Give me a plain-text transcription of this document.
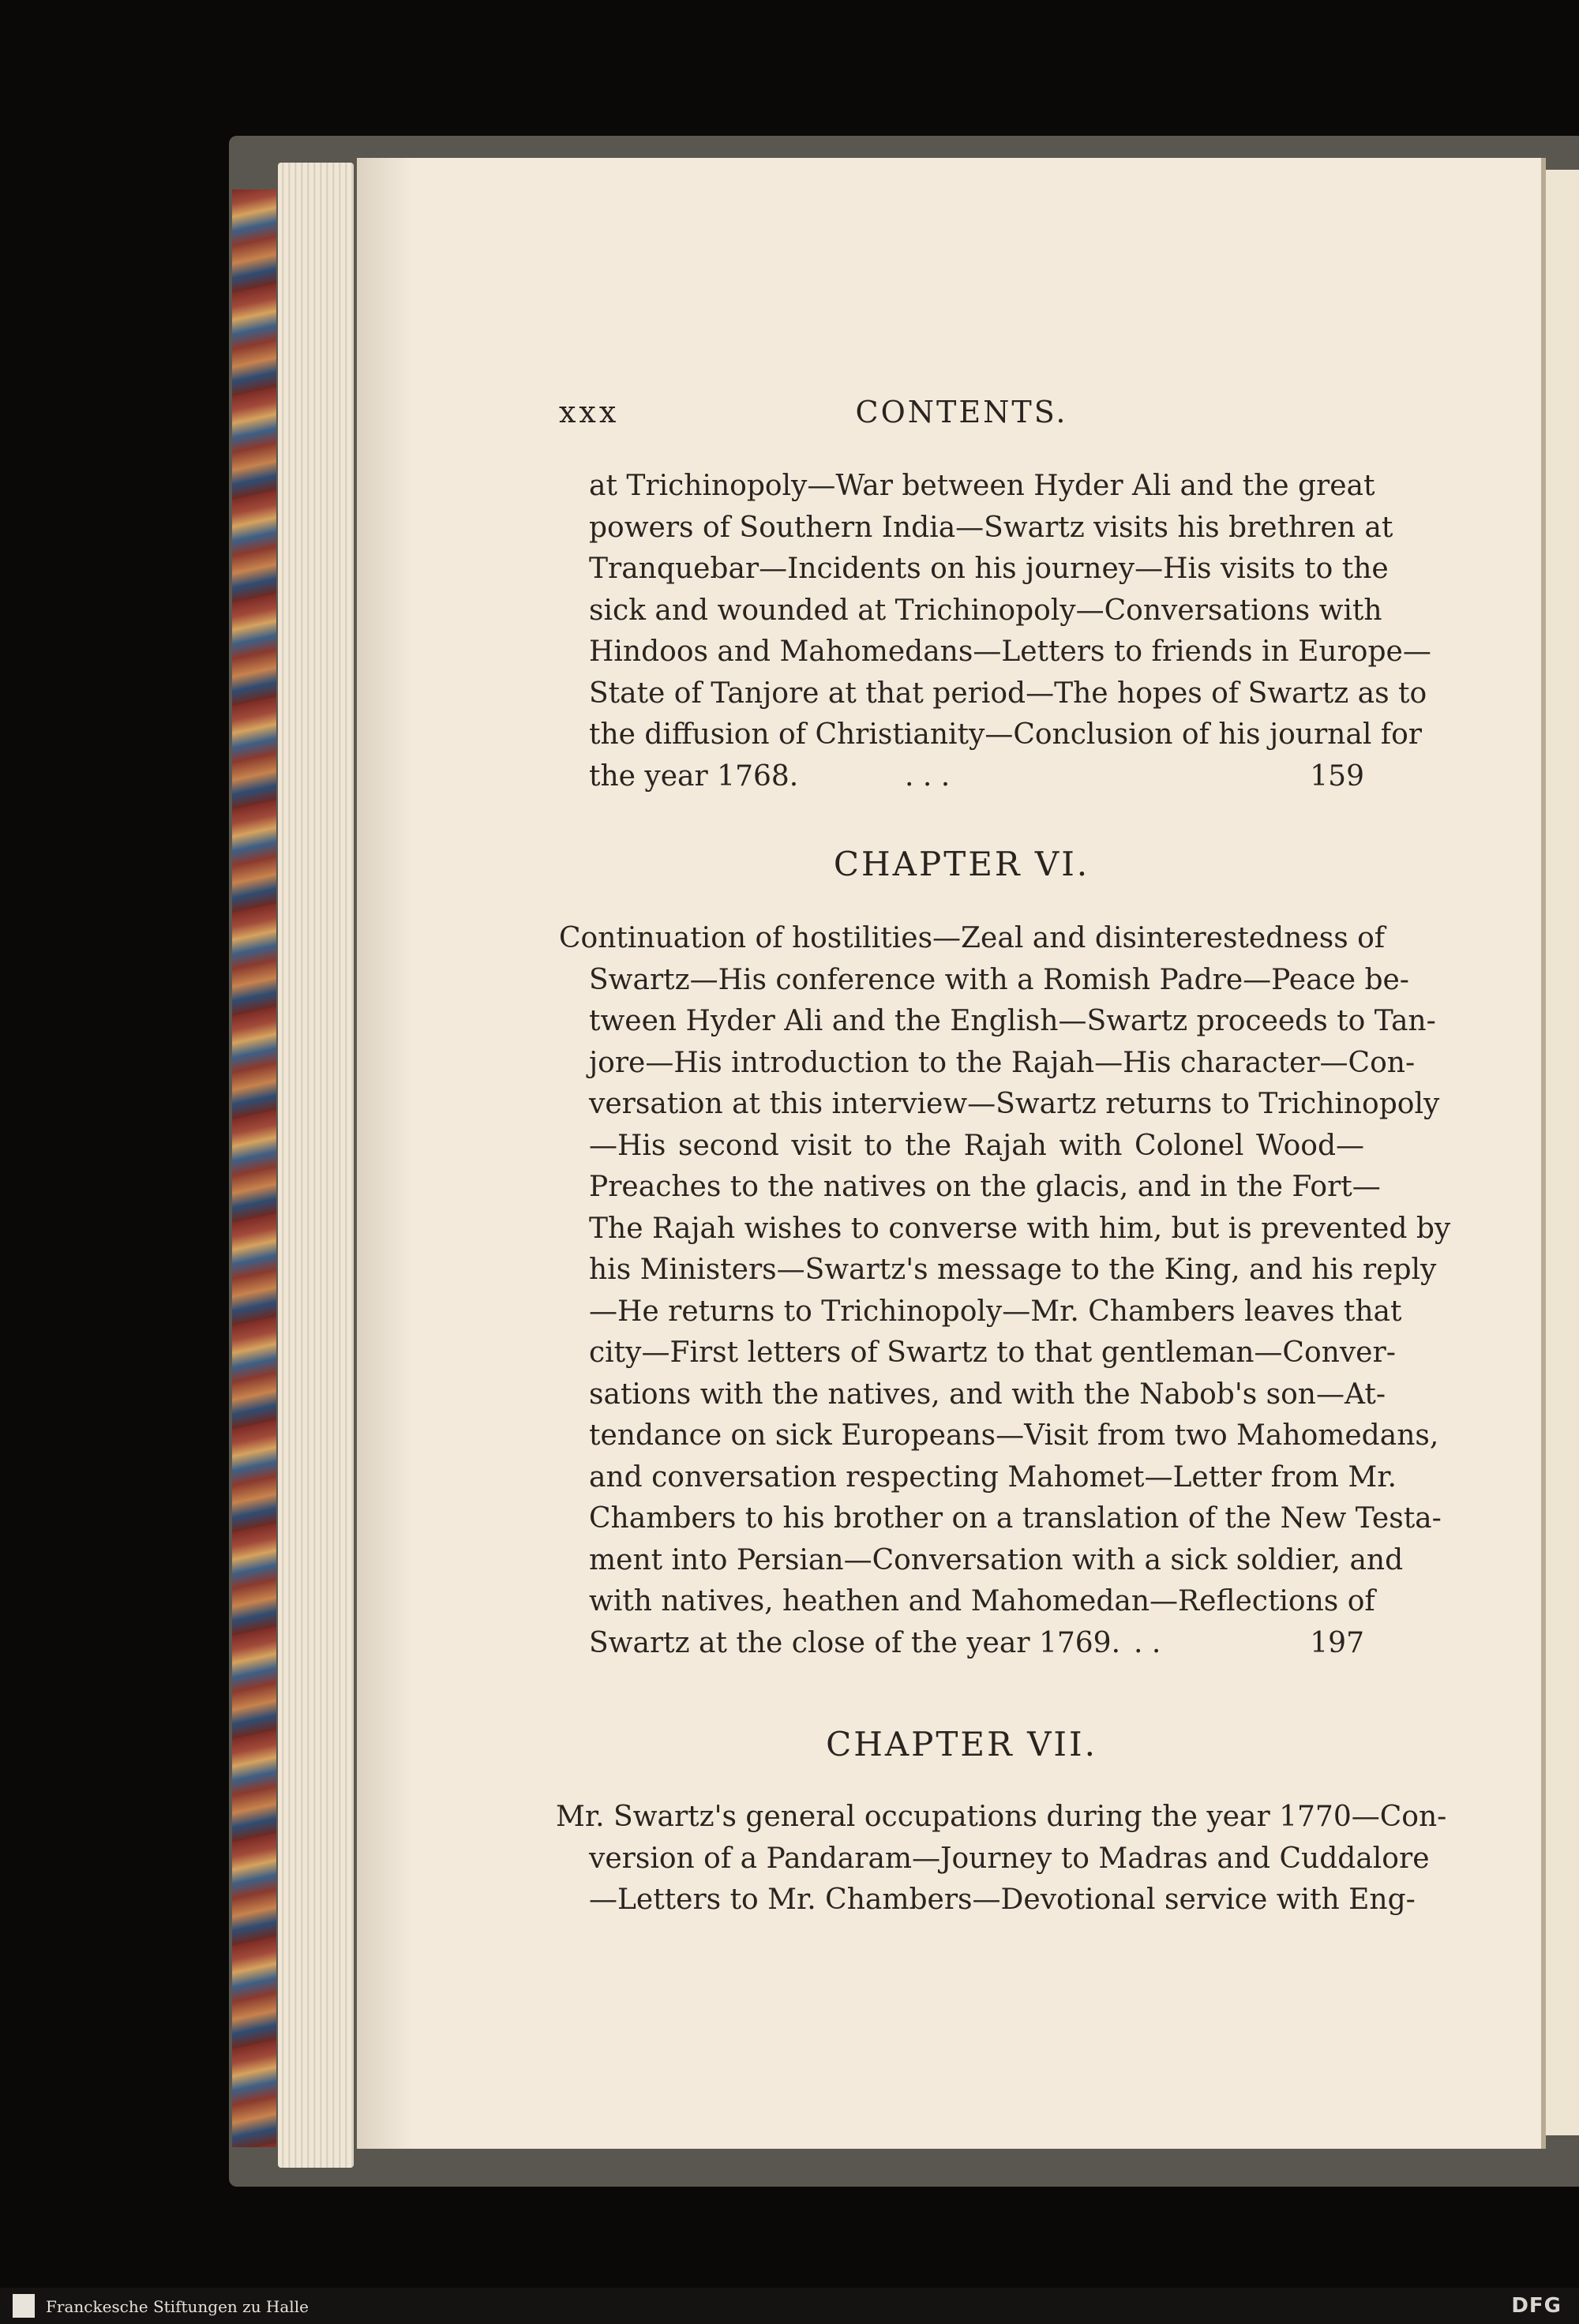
xxx	CONTENTS.
at Trichinopoly—War between Hyder Ali and the great
powers of Southern India—Swartz visits his brethren at
Tranquebar—Incidents on his journey—His visits to the
sick and wounded at Trichinopoly—Conversations with
Hindoos and Mahomedans—Letters to friends in Europe—
State of Tanjore at that period—The hopes of Swartz as to
the diffusion of Christianity—Conclusion of his journal for
the year 1768.	. . .	159
CHAPTER VI.
Continuation of hostilities—Zeal and disinterestedness of
Swartz—His conference with a Romish Padre—Peace be-
tween Hyder Ali and the English—Swartz proceeds to Tan-
jore—His introduction to the Rajah—His character—Con-
versation at this interview—Swartz returns to Trichinopoly
—His second visit to the Rajah with Colonel Wood—
Preaches to the natives on the glacis, and in the Fort—
The Rajah wishes to converse with him, but is prevented by
his Ministers—Swartz's message to the King, and his reply
—He returns to Trichinopoly—Mr. Chambers leaves that
city—First letters of Swartz to that gentleman—Conver-
sations with the natives, and with the Nabob's son—At-
tendance on sick Europeans—Visit from two Mahomedans,
and conversation respecting Mahomet—Letter from Mr.
Chambers to his brother on a translation of the New Testa-
ment into Persian—Conversation with a sick soldier, and
with natives, heathen and Mahomedan—Reflections of
Swartz at the close of the year 1769. . .	197
CHAPTER VII.
Mr. Swartz's general occupations during the year 1770—Con-
version of a Pandaram—Journey to Madras and Cuddalore
—Letters to Mr. Chambers—Devotional service with Eng-
Franckesche Stiftungen zu Halle	DFG
